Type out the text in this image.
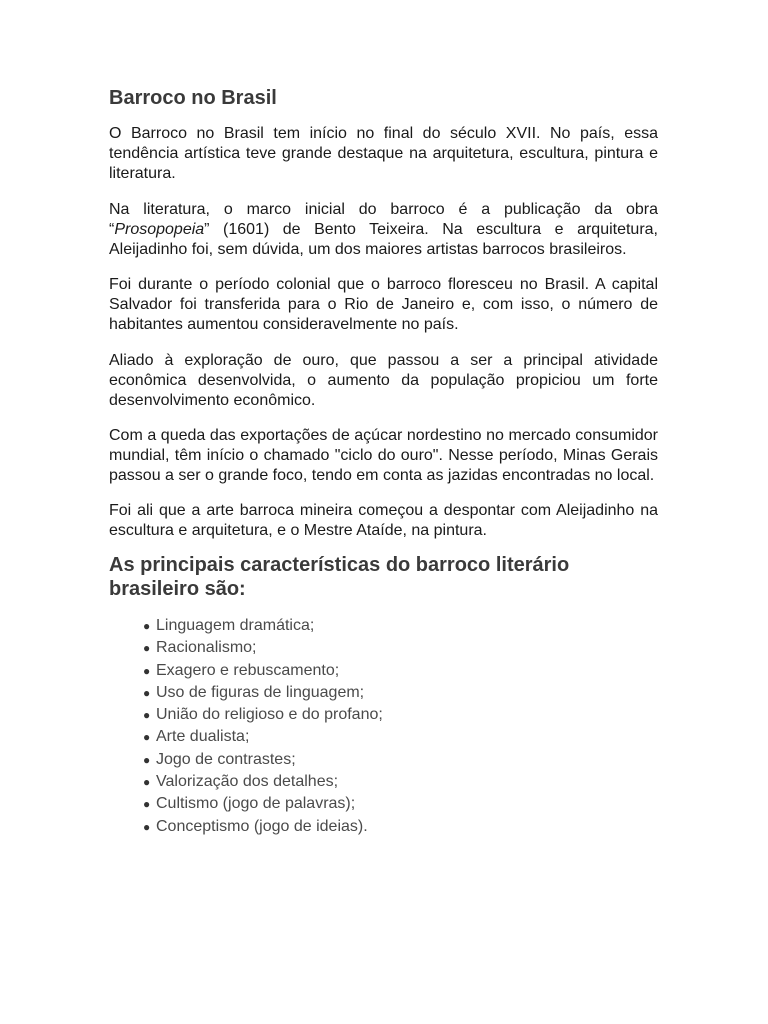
Barroco no Brasil

O Barroco no Brasil tem início no final do século XVII. No país, essa tendência artística teve grande destaque na arquitetura, escultura, pintura e literatura.

Na literatura, o marco inicial do barroco é a publicação da obra “Prosopopeia” (1601) de Bento Teixeira. Na escultura e arquitetura, Aleijadinho foi, sem dúvida, um dos maiores artistas barrocos brasileiros.

Foi durante o período colonial que o barroco floresceu no Brasil. A capital Salvador foi transferida para o Rio de Janeiro e, com isso, o número de habitantes aumentou consideravelmente no país.

Aliado à exploração de ouro, que passou a ser a principal atividade econômica desenvolvida, o aumento da população propiciou um forte desenvolvimento econômico.

Com a queda das exportações de açúcar nordestino no mercado consumidor mundial, têm início o chamado "ciclo do ouro". Nesse período, Minas Gerais passou a ser o grande foco, tendo em conta as jazidas encontradas no local.

Foi ali que a arte barroca mineira começou a despontar com Aleijadinho na escultura e arquitetura, e o Mestre Ataíde, na pintura.

As principais características do barroco literário brasileiro são:
● Linguagem dramática;
● Racionalismo;
● Exagero e rebuscamento;
● Uso de figuras de linguagem;
● União do religioso e do profano;
● Arte dualista;
● Jogo de contrastes;
● Valorização dos detalhes;
● Cultismo (jogo de palavras);
● Conceptismo (jogo de ideias).
